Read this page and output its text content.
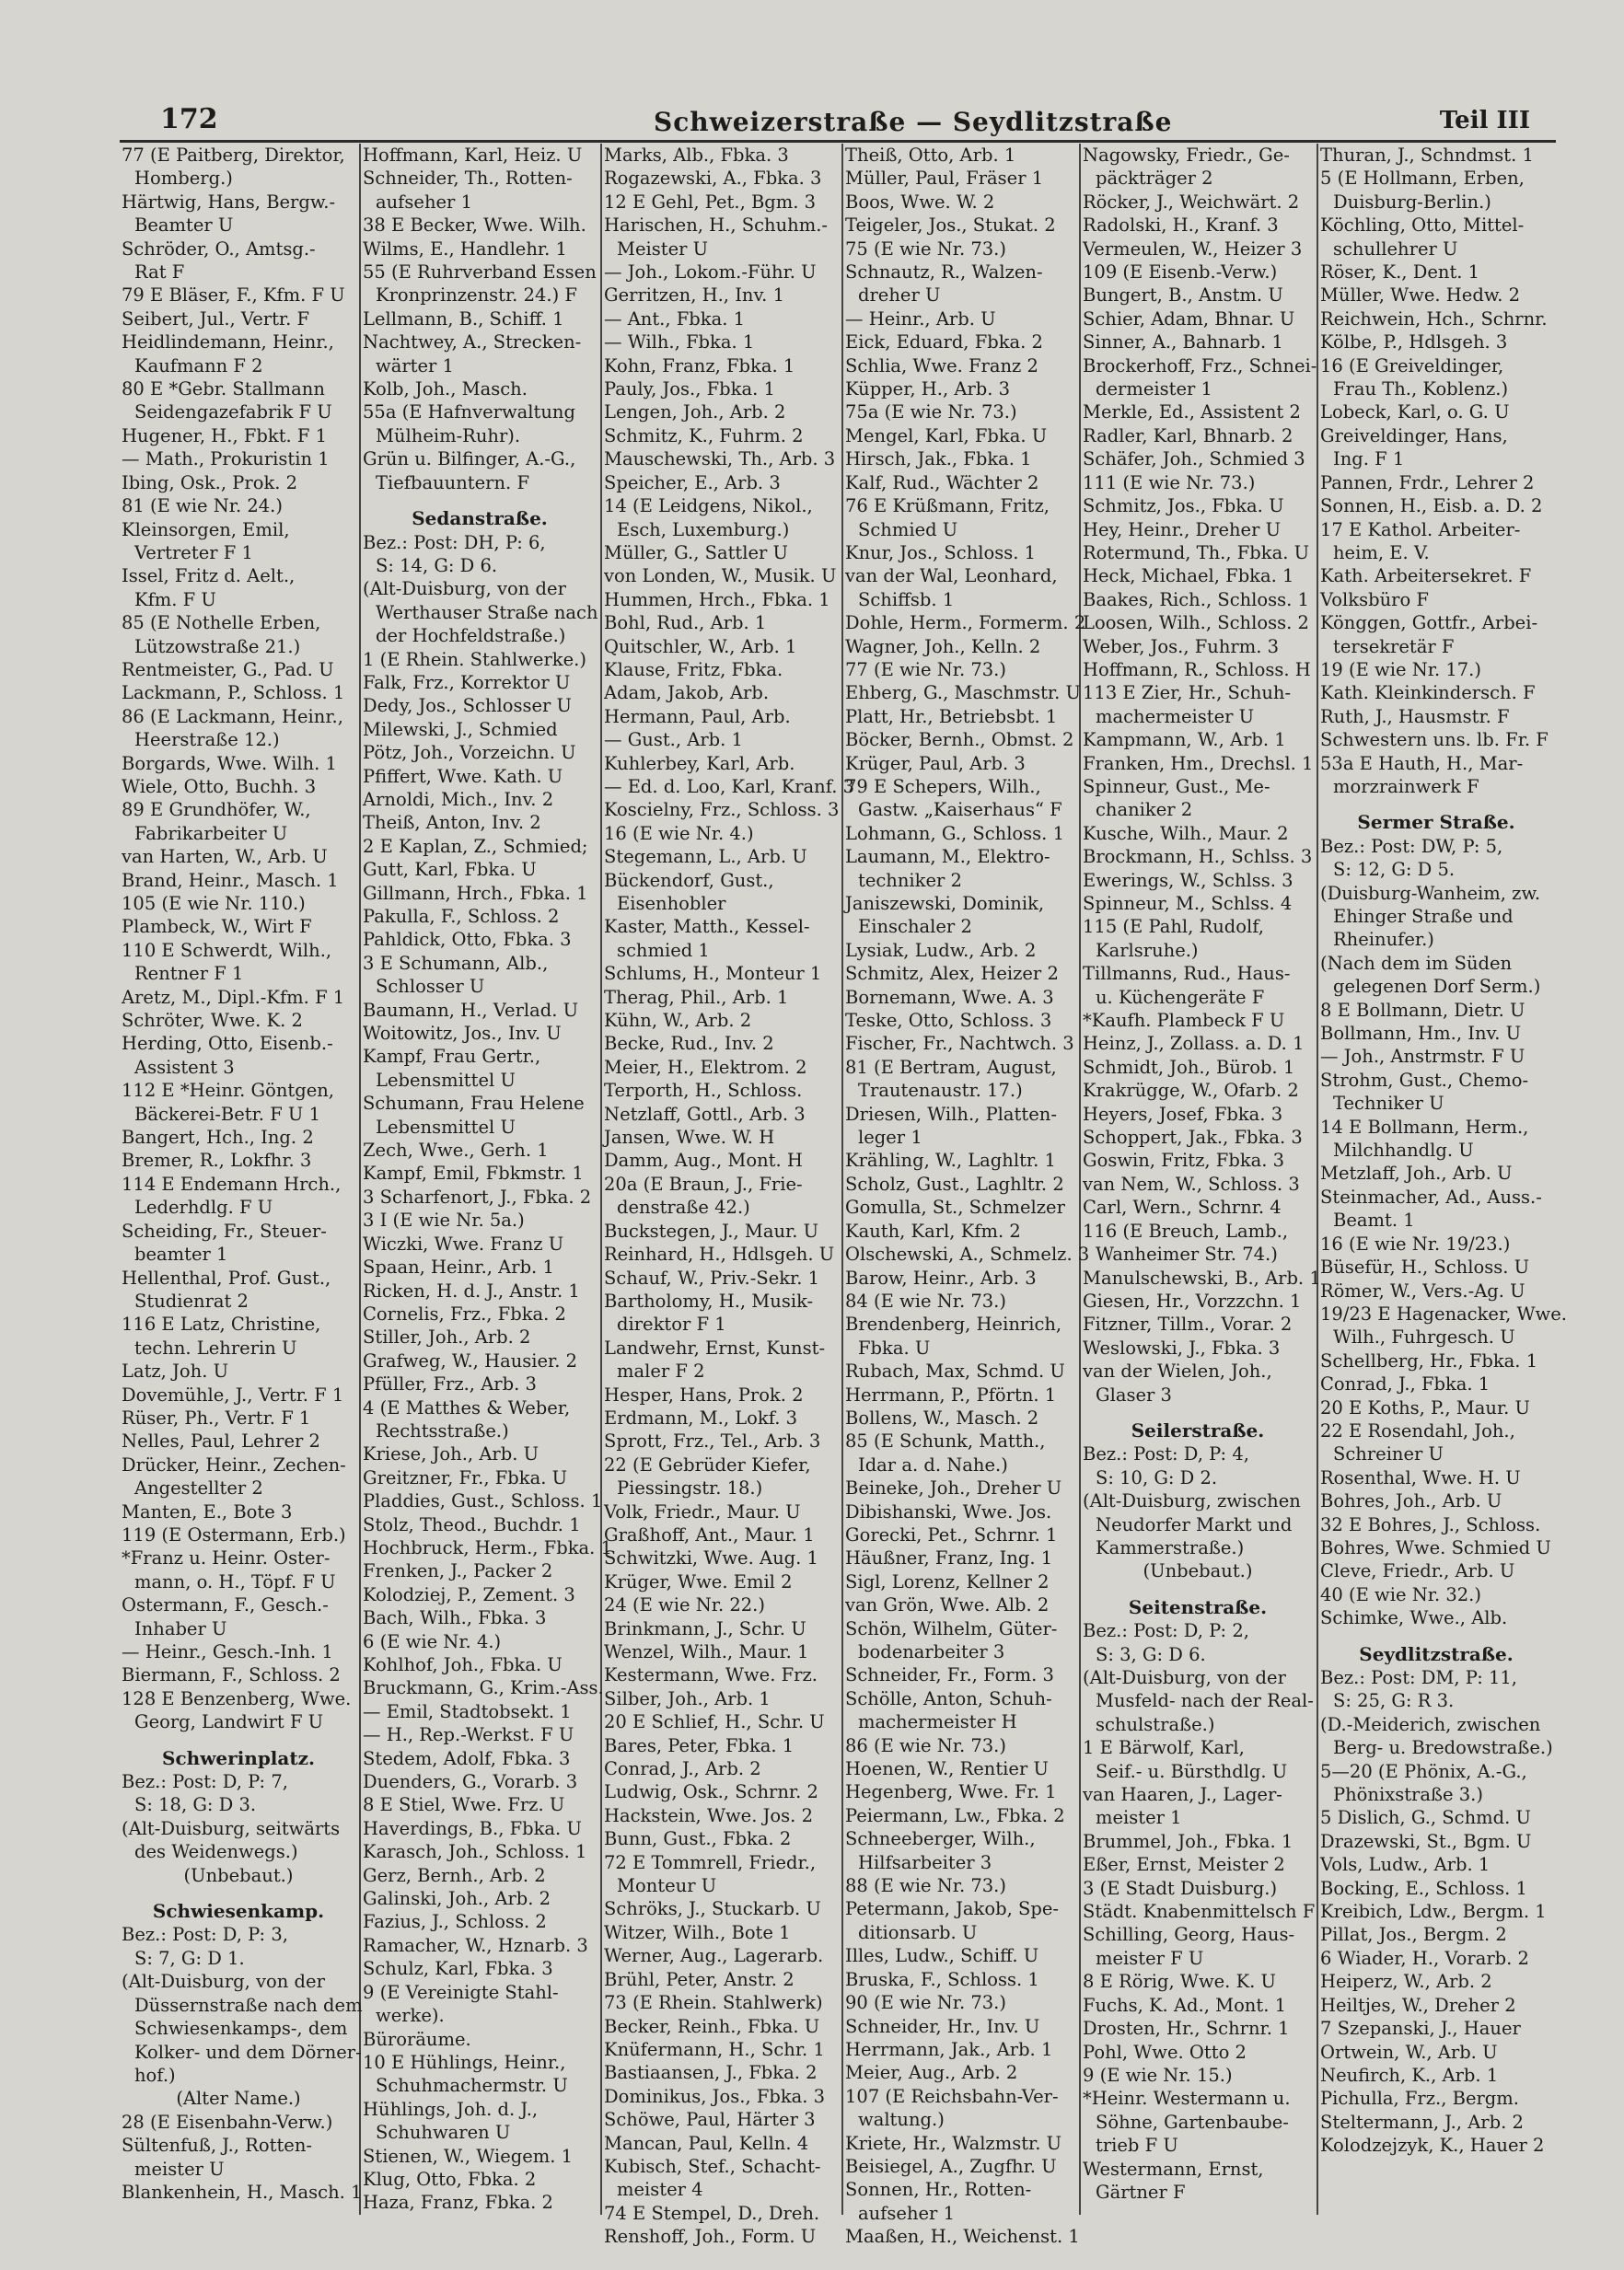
172	Schweizerstraße — Seydlitzstraße	Teil III
77 (E Paitberg, Direktor,
Homberg.)
Härtwig, Hans, Bergw.-
Beamter U
Schröder, O., Amtsg.-
Rat F
79 E Bläser, F., Kfm. F U
Seibert, Jul., Vertr. F
Heidlindemann, Heinr.,
Kaufmann F 2
80 E *Gebr. Stallmann
Seidengazefabrik F U
Hugener, H., Fbkt. F 1
— Math., Prokuristin 1
Ibing, Osk., Prok. 2
81 (E wie Nr. 24.)
Kleinsorgen, Emil,
Vertreter F 1
Issel, Fritz d. Aelt.,
Kfm. F U
85 (E Nothelle Erben,
Lützowstraße 21.)
Rentmeister, G., Pad. U
Lackmann, P., Schloss. 1
86 (E Lackmann, Heinr.,
Heerstraße 12.)
Borgards, Wwe. Wilh. 1
Wiele, Otto, Buchh. 3
89 E Grundhöfer, W.,
Fabrikarbeiter U
van Harten, W., Arb. U
Brand, Heinr., Masch. 1
105 (E wie Nr. 110.)
Plambeck, W., Wirt F
110 E Schwerdt, Wilh.,
Rentner F 1
Aretz, M., Dipl.-Kfm. F 1
Schröter, Wwe. K. 2
Herding, Otto, Eisenb.-
Assistent 3
112 E *Heinr. Göntgen,
Bäckerei-Betr. F U 1
Bangert, Hch., Ing. 2
Bremer, R., Lokfhr. 3
114 E Endemann Hrch.,
Lederhdlg. F U
Scheiding, Fr., Steuer-
beamter 1
Hellenthal, Prof. Gust.,
Studienrat 2
116 E Latz, Christine,
techn. Lehrerin U
Latz, Joh. U
Dovemühle, J., Vertr. F 1
Rüser, Ph., Vertr. F 1
Nelles, Paul, Lehrer 2
Drücker, Heinr., Zechen-
Angestellter 2
Manten, E., Bote 3
119 (E Ostermann, Erb.)
*Franz u. Heinr. Oster-
mann, o. H., Töpf. F U
Ostermann, F., Gesch.-
Inhaber U
— Heinr., Gesch.-Inh. 1
Biermann, F., Schloss. 2
128 E Benzenberg, Wwe.
Georg, Landwirt F U
Schwerinplatz.
Bez.: Post: D, P: 7,
S: 18, G: D 3.
(Alt-Duisburg, seitwärts
des Weidenwegs.)
(Unbebaut.)
Schwiesenkamp.
Bez.: Post: D, P: 3,
S: 7, G: D 1.
(Alt-Duisburg, von der
Düssernstraße nach dem
Schwiesenkamps-, dem
Kolker- und dem Dörner-
hof.)
(Alter Name.)
28 (E Eisenbahn-Verw.)
Sültenfuß, J., Rotten-
meister U
Blankenhein, H., Masch. 1
Hoffmann, Karl, Heiz. U
Schneider, Th., Rotten-
aufseher 1
38 E Becker, Wwe. Wilh.
Wilms, E., Handlehr. 1
55 (E Ruhrverband Essen
Kronprinzenstr. 24.) F
Lellmann, B., Schiff. 1
Nachtwey, A., Strecken-
wärter 1
Kolb, Joh., Masch.
55a (E Hafnverwaltung
Mülheim-Ruhr).
Grün u. Bilfinger, A.-G.,
Tiefbauuntern. F
Sedanstraße.
Bez.: Post: DH, P: 6,
S: 14, G: D 6.
(Alt-Duisburg, von der
Werthauser Straße nach
der Hochfeldstraße.)
1 (E Rhein. Stahlwerke.)
Falk, Frz., Korrektor U
Dedy, Jos., Schlosser U
Milewski, J., Schmied
Pötz, Joh., Vorzeichn. U
Pfiffert, Wwe. Kath. U
Arnoldi, Mich., Inv. 2
Theiß, Anton, Inv. 2
2 E Kaplan, Z., Schmied;
Gutt, Karl, Fbka. U
Gillmann, Hrch., Fbka. 1
Pakulla, F., Schloss. 2
Pahldick, Otto, Fbka. 3
3 E Schumann, Alb.,
Schlosser U
Baumann, H., Verlad. U
Woitowitz, Jos., Inv. U
Kampf, Frau Gertr.,
Lebensmittel U
Schumann, Frau Helene
Lebensmittel U
Zech, Wwe., Gerh. 1
Kampf, Emil, Fbkmstr. 1
3 Scharfenort, J., Fbka. 2
3 I (E wie Nr. 5a.)
Wiczki, Wwe. Franz U
Spaan, Heinr., Arb. 1
Ricken, H. d. J., Anstr. 1
Cornelis, Frz., Fbka. 2
Stiller, Joh., Arb. 2
Grafweg, W., Hausier. 2
Pfüller, Frz., Arb. 3
4 (E Matthes & Weber,
Rechtsstraße.)
Kriese, Joh., Arb. U
Greitzner, Fr., Fbka. U
Pladdies, Gust., Schloss. 1
Stolz, Theod., Buchdr. 1
Hochbruck, Herm., Fbka. 1
Frenken, J., Packer 2
Kolodziej, P., Zement. 3
Bach, Wilh., Fbka. 3
6 (E wie Nr. 4.)
Kohlhof, Joh., Fbka. U
Bruckmann, G., Krim.-Ass.
— Emil, Stadtobsekt. 1
— H., Rep.-Werkst. F U
Stedem, Adolf, Fbka. 3
Duenders, G., Vorarb. 3
8 E Stiel, Wwe. Frz. U
Haverdings, B., Fbka. U
Karasch, Joh., Schloss. 1
Gerz, Bernh., Arb. 2
Galinski, Joh., Arb. 2
Fazius, J., Schloss. 2
Ramacher, W., Hznarb. 3
Schulz, Karl, Fbka. 3
9 (E Vereinigte Stahl-
werke).
Büroräume.
10 E Hühlings, Heinr.,
Schuhmachermstr. U
Hühlings, Joh. d. J.,
Schuhwaren U
Stienen, W., Wiegem. 1
Klug, Otto, Fbka. 2
Haza, Franz, Fbka. 2
Marks, Alb., Fbka. 3
Rogazewski, A., Fbka. 3
12 E Gehl, Pet., Bgm. 3
Harischen, H., Schuhm.-
Meister U
— Joh., Lokom.-Führ. U
Gerritzen, H., Inv. 1
— Ant., Fbka. 1
— Wilh., Fbka. 1
Kohn, Franz, Fbka. 1
Pauly, Jos., Fbka. 1
Lengen, Joh., Arb. 2
Schmitz, K., Fuhrm. 2
Mauschewski, Th., Arb. 3
Speicher, E., Arb. 3
14 (E Leidgens, Nikol.,
Esch, Luxemburg.)
Müller, G., Sattler U
von Londen, W., Musik. U
Hummen, Hrch., Fbka. 1
Bohl, Rud., Arb. 1
Quitschler, W., Arb. 1
Klause, Fritz, Fbka.
Adam, Jakob, Arb.
Hermann, Paul, Arb.
— Gust., Arb. 1
Kuhlerbey, Karl, Arb.
— Ed. d. Loo, Karl, Kranf. 3
Koscielny, Frz., Schloss. 3
16 (E wie Nr. 4.)
Stegemann, L., Arb. U
Bückendorf, Gust.,
Eisenhobler
Kaster, Matth., Kessel-
schmied 1
Schlums, H., Monteur 1
Therag, Phil., Arb. 1
Kühn, W., Arb. 2
Becke, Rud., Inv. 2
Meier, H., Elektrom. 2
Terporth, H., Schloss.
Netzlaff, Gottl., Arb. 3
Jansen, Wwe. W. H
Damm, Aug., Mont. H
20a (E Braun, J., Frie-
denstraße 42.)
Buckstegen, J., Maur. U
Reinhard, H., Hdlsgeh. U
Schauf, W., Priv.-Sekr. 1
Bartholomy, H., Musik-
direktor F 1
Landwehr, Ernst, Kunst-
maler F 2
Hesper, Hans, Prok. 2
Erdmann, M., Lokf. 3
Sprott, Frz., Tel., Arb. 3
22 (E Gebrüder Kiefer,
Piessingstr. 18.)
Volk, Friedr., Maur. U
Graßhoff, Ant., Maur. 1
Schwitzki, Wwe. Aug. 1
Krüger, Wwe. Emil 2
24 (E wie Nr. 22.)
Brinkmann, J., Schr. U
Wenzel, Wilh., Maur. 1
Kestermann, Wwe. Frz.
Silber, Joh., Arb. 1
20 E Schlief, H., Schr. U
Bares, Peter, Fbka. 1
Conrad, J., Arb. 2
Ludwig, Osk., Schrnr. 2
Hackstein, Wwe. Jos. 2
Bunn, Gust., Fbka. 2
72 E Tommrell, Friedr.,
Monteur U
Schröks, J., Stuckarb. U
Witzer, Wilh., Bote 1
Werner, Aug., Lagerarb.
Brühl, Peter, Anstr. 2
73 (E Rhein. Stahlwerk)
Becker, Reinh., Fbka. U
Knüfermann, H., Schr. 1
Bastiaansen, J., Fbka. 2
Dominikus, Jos., Fbka. 3
Schöwe, Paul, Härter 3
Mancan, Paul, Kelln. 4
Kubisch, Stef., Schacht-
meister 4
74 E Stempel, D., Dreh.
Renshoff, Joh., Form. U
Theiß, Otto, Arb. 1
Müller, Paul, Fräser 1
Boos, Wwe. W. 2
Teigeler, Jos., Stukat. 2
75 (E wie Nr. 73.)
Schnautz, R., Walzen-
dreher U
— Heinr., Arb. U
Eick, Eduard, Fbka. 2
Schlia, Wwe. Franz 2
Küpper, H., Arb. 3
75a (E wie Nr. 73.)
Mengel, Karl, Fbka. U
Hirsch, Jak., Fbka. 1
Kalf, Rud., Wächter 2
76 E Krüßmann, Fritz,
Schmied U
Knur, Jos., Schloss. 1
van der Wal, Leonhard,
Schiffsb. 1
Dohle, Herm., Formerm. 2
Wagner, Joh., Kelln. 2
77 (E wie Nr. 73.)
Ehberg, G., Maschmstr. U
Platt, Hr., Betriebsbt. 1
Böcker, Bernh., Obmst. 2
Krüger, Paul, Arb. 3
79 E Schepers, Wilh.,
Gastw. „Kaiserhaus“ F
Lohmann, G., Schloss. 1
Laumann, M., Elektro-
techniker 2
Janiszewski, Dominik,
Einschaler 2
Lysiak, Ludw., Arb. 2
Schmitz, Alex, Heizer 2
Bornemann, Wwe. A. 3
Teske, Otto, Schloss. 3
Fischer, Fr., Nachtwch. 3
81 (E Bertram, August,
Trautenaustr. 17.)
Driesen, Wilh., Platten-
leger 1
Krähling, W., Laghltr. 1
Scholz, Gust., Laghltr. 2
Gomulla, St., Schmelzer
Kauth, Karl, Kfm. 2
Olschewski, A., Schmelz. 3
Barow, Heinr., Arb. 3
84 (E wie Nr. 73.)
Brendenberg, Heinrich,
Fbka. U
Rubach, Max, Schmd. U
Herrmann, P., Pförtn. 1
Bollens, W., Masch. 2
85 (E Schunk, Matth.,
Idar a. d. Nahe.)
Beineke, Joh., Dreher U
Dibishanski, Wwe. Jos.
Gorecki, Pet., Schrnr. 1
Häußner, Franz, Ing. 1
Sigl, Lorenz, Kellner 2
van Grön, Wwe. Alb. 2
Schön, Wilhelm, Güter-
bodenarbeiter 3
Schneider, Fr., Form. 3
Schölle, Anton, Schuh-
machermeister H
86 (E wie Nr. 73.)
Hoenen, W., Rentier U
Hegenberg, Wwe. Fr. 1
Peiermann, Lw., Fbka. 2
Schneeberger, Wilh.,
Hilfsarbeiter 3
88 (E wie Nr. 73.)
Petermann, Jakob, Spe-
ditionsarb. U
Illes, Ludw., Schiff. U
Bruska, F., Schloss. 1
90 (E wie Nr. 73.)
Schneider, Hr., Inv. U
Herrmann, Jak., Arb. 1
Meier, Aug., Arb. 2
107 (E Reichsbahn-Ver-
waltung.)
Kriete, Hr., Walzmstr. U
Beisiegel, A., Zugfhr. U
Sonnen, Hr., Rotten-
aufseher 1
Maaßen, H., Weichenst. 1
Nagowsky, Friedr., Ge-
päckträger 2
Röcker, J., Weichwärt. 2
Radolski, H., Kranf. 3
Vermeulen, W., Heizer 3
109 (E Eisenb.-Verw.)
Bungert, B., Anstm. U
Schier, Adam, Bhnar. U
Sinner, A., Bahnarb. 1
Brockerhoff, Frz., Schnei-
dermeister 1
Merkle, Ed., Assistent 2
Radler, Karl, Bhnarb. 2
Schäfer, Joh., Schmied 3
111 (E wie Nr. 73.)
Schmitz, Jos., Fbka. U
Hey, Heinr., Dreher U
Rotermund, Th., Fbka. U
Heck, Michael, Fbka. 1
Baakes, Rich., Schloss. 1
Loosen, Wilh., Schloss. 2
Weber, Jos., Fuhrm. 3
Hoffmann, R., Schloss. H
113 E Zier, Hr., Schuh-
machermeister U
Kampmann, W., Arb. 1
Franken, Hm., Drechsl. 1
Spinneur, Gust., Me-
chaniker 2
Kusche, Wilh., Maur. 2
Brockmann, H., Schlss. 3
Ewerings, W., Schlss. 3
Spinneur, M., Schlss. 4
115 (E Pahl, Rudolf,
Karlsruhe.)
Tillmanns, Rud., Haus-
u. Küchengeräte F
*Kaufh. Plambeck F U
Heinz, J., Zollass. a. D. 1
Schmidt, Joh., Bürob. 1
Krakrügge, W., Ofarb. 2
Heyers, Josef, Fbka. 3
Schoppert, Jak., Fbka. 3
Goswin, Fritz, Fbka. 3
van Nem, W., Schloss. 3
Carl, Wern., Schrnr. 4
116 (E Breuch, Lamb.,
Wanheimer Str. 74.)
Manulschewski, B., Arb. 1
Giesen, Hr., Vorzzchn. 1
Fitzner, Tillm., Vorar. 2
Weslowski, J., Fbka. 3
van der Wielen, Joh.,
Glaser 3
Seilerstraße.
Bez.: Post: D, P: 4,
S: 10, G: D 2.
(Alt-Duisburg, zwischen
Neudorfer Markt und
Kammerstraße.)
(Unbebaut.)
Seitenstraße.
Bez.: Post: D, P: 2,
S: 3, G: D 6.
(Alt-Duisburg, von der
Musfeld- nach der Real-
schulstraße.)
1 E Bärwolf, Karl,
Seif.- u. Bürsthdlg. U
van Haaren, J., Lager-
meister 1
Brummel, Joh., Fbka. 1
Eßer, Ernst, Meister 2
3 (E Stadt Duisburg.)
Städt. Knabenmittelsch F
Schilling, Georg, Haus-
meister F U
8 E Rörig, Wwe. K. U
Fuchs, K. Ad., Mont. 1
Drosten, Hr., Schrnr. 1
Pohl, Wwe. Otto 2
9 (E wie Nr. 15.)
*Heinr. Westermann u.
Söhne, Gartenbaube-
trieb F U
Westermann, Ernst,
Gärtner F
Thuran, J., Schndmst. 1
5 (E Hollmann, Erben,
Duisburg-Berlin.)
Köchling, Otto, Mittel-
schullehrer U
Röser, K., Dent. 1
Müller, Wwe. Hedw. 2
Reichwein, Hch., Schrnr.
Kölbe, P., Hdlsgeh. 3
16 (E Greiveldinger,
Frau Th., Koblenz.)
Lobeck, Karl, o. G. U
Greiveldinger, Hans,
Ing. F 1
Pannen, Frdr., Lehrer 2
Sonnen, H., Eisb. a. D. 2
17 E Kathol. Arbeiter-
heim, E. V.
Kath. Arbeitersekret. F
Volksbüro F
Könggen, Gottfr., Arbei-
tersekretär F
19 (E wie Nr. 17.)
Kath. Kleinkindersch. F
Ruth, J., Hausmstr. F
Schwestern uns. lb. Fr. F
53a E Hauth, H., Mar-
morzrainwerk F
Sermer Straße.
Bez.: Post: DW, P: 5,
S: 12, G: D 5.
(Duisburg-Wanheim, zw.
Ehinger Straße und
Rheinufer.)
(Nach dem im Süden
gelegenen Dorf Serm.)
8 E Bollmann, Dietr. U
Bollmann, Hm., Inv. U
— Joh., Anstrmstr. F U
Strohm, Gust., Chemo-
Techniker U
14 E Bollmann, Herm.,
Milchhandlg. U
Metzlaff, Joh., Arb. U
Steinmacher, Ad., Auss.-
Beamt. 1
16 (E wie Nr. 19/23.)
Büsefür, H., Schloss. U
Römer, W., Vers.-Ag. U
19/23 E Hagenacker, Wwe.
Wilh., Fuhrgesch. U
Schellberg, Hr., Fbka. 1
Conrad, J., Fbka. 1
20 E Koths, P., Maur. U
22 E Rosendahl, Joh.,
Schreiner U
Rosenthal, Wwe. H. U
Bohres, Joh., Arb. U
32 E Bohres, J., Schloss.
Bohres, Wwe. Schmied U
Cleve, Friedr., Arb. U
40 (E wie Nr. 32.)
Schimke, Wwe., Alb.
Seydlitzstraße.
Bez.: Post: DM, P: 11,
S: 25, G: R 3.
(D.-Meiderich, zwischen
Berg- u. Bredowstraße.)
5—20 (E Phönix, A.-G.,
Phönixstraße 3.)
5 Dislich, G., Schmd. U
Drazewski, St., Bgm. U
Vols, Ludw., Arb. 1
Bocking, E., Schloss. 1
Kreibich, Ldw., Bergm. 1
Pillat, Jos., Bergm. 2
6 Wiader, H., Vorarb. 2
Heiperz, W., Arb. 2
Heiltjes, W., Dreher 2
7 Szepanski, J., Hauer
Ortwein, W., Arb. U
Neufirch, K., Arb. 1
Pichulla, Frz., Bergm.
Steltermann, J., Arb. 2
Kolodzejzyk, K., Hauer 2
